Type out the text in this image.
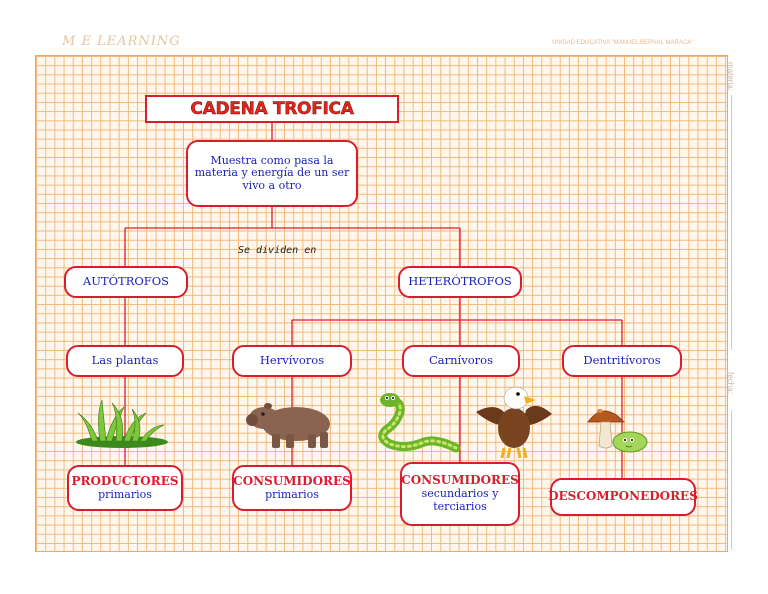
M E LEARNING	UNIDAD EDUCATIVA "MANUEL BERNAL MARACA"
materia:
fecha:
CADENA TROFICA
Muestra como pasa la materia y energía de un ser vivo a otro
Se dividen en
AUTÓTROFOS	HETERÓTROFOS
Las plantas	Hervívoros	Carnívoros	Dentritívoros
PRODUCTORES
primarios
CONSUMIDORES
primarios
CONSUMIDORES
secundarios y terciarios
DESCOMPONEDORES
